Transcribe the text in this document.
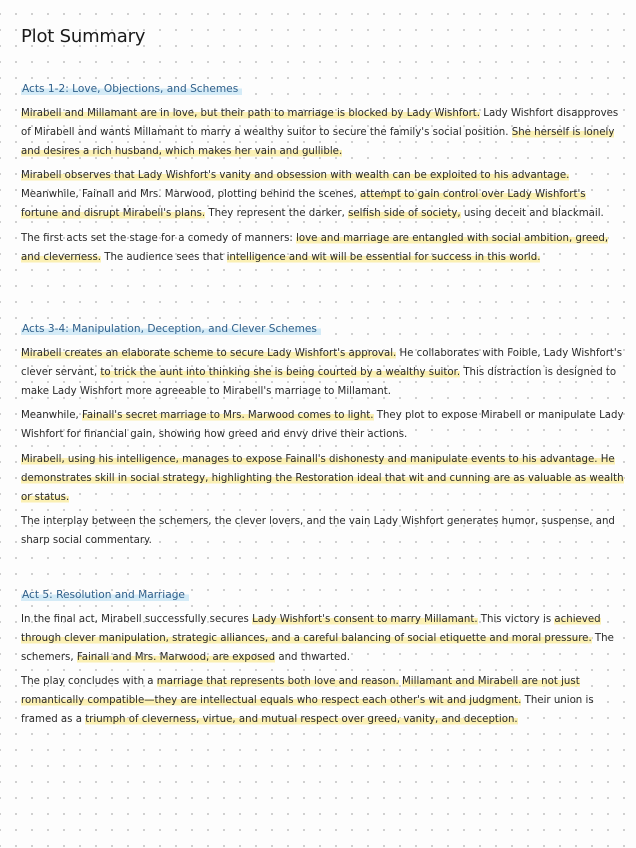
Plot Summary
Acts 1-2: Love, Objections, and Schemes

Mirabell and Millamant are in love, but their path to marriage is blocked by Lady Wishfort. Lady Wishfort disapproves of Mirabell and wants Millamant to marry a wealthy suitor to secure the family's social position. She herself is lonely and desires a rich husband, which makes her vain and gullible.

Mirabell observes that Lady Wishfort's vanity and obsession with wealth can be exploited to his advantage. Meanwhile, Fainall and Mrs. Marwood, plotting behind the scenes, attempt to gain control over Lady Wishfort's fortune and disrupt Mirabell's plans. They represent the darker, selfish side of society, using deceit and blackmail.

The first acts set the stage for a comedy of manners: love and marriage are entangled with social ambition, greed, and cleverness. The audience sees that intelligence and wit will be essential for success in this world.

Acts 3-4: Manipulation, Deception, and Clever Schemes

Mirabell creates an elaborate scheme to secure Lady Wishfort's approval. He collaborates with Foible, Lady Wishfort's clever servant, to trick the aunt into thinking she is being courted by a wealthy suitor. This distraction is designed to make Lady Wishfort more agreeable to Mirabell's marriage to Millamant.

Meanwhile, Fainall's secret marriage to Mrs. Marwood comes to light. They plot to expose Mirabell or manipulate Lady Wishfort for financial gain, showing how greed and envy drive their actions.

Mirabell, using his intelligence, manages to expose Fainall's dishonesty and manipulate events to his advantage. He demonstrates skill in social strategy, highlighting the Restoration ideal that wit and cunning are as valuable as wealth or status.

The interplay between the schemers, the clever lovers, and the vain Lady Wishfort generates humor, suspense, and sharp social commentary.

Act 5: Resolution and Marriage

In the final act, Mirabell successfully secures Lady Wishfort's consent to marry Millamant. This victory is achieved through clever manipulation, strategic alliances, and a careful balancing of social etiquette and moral pressure. The schemers, Fainall and Mrs. Marwood, are exposed and thwarted.

The play concludes with a marriage that represents both love and reason. Millamant and Mirabell are not just romantically compatible—they are intellectual equals who respect each other's wit and judgment. Their union is framed as a triumph of cleverness, virtue, and mutual respect over greed, vanity, and deception.
